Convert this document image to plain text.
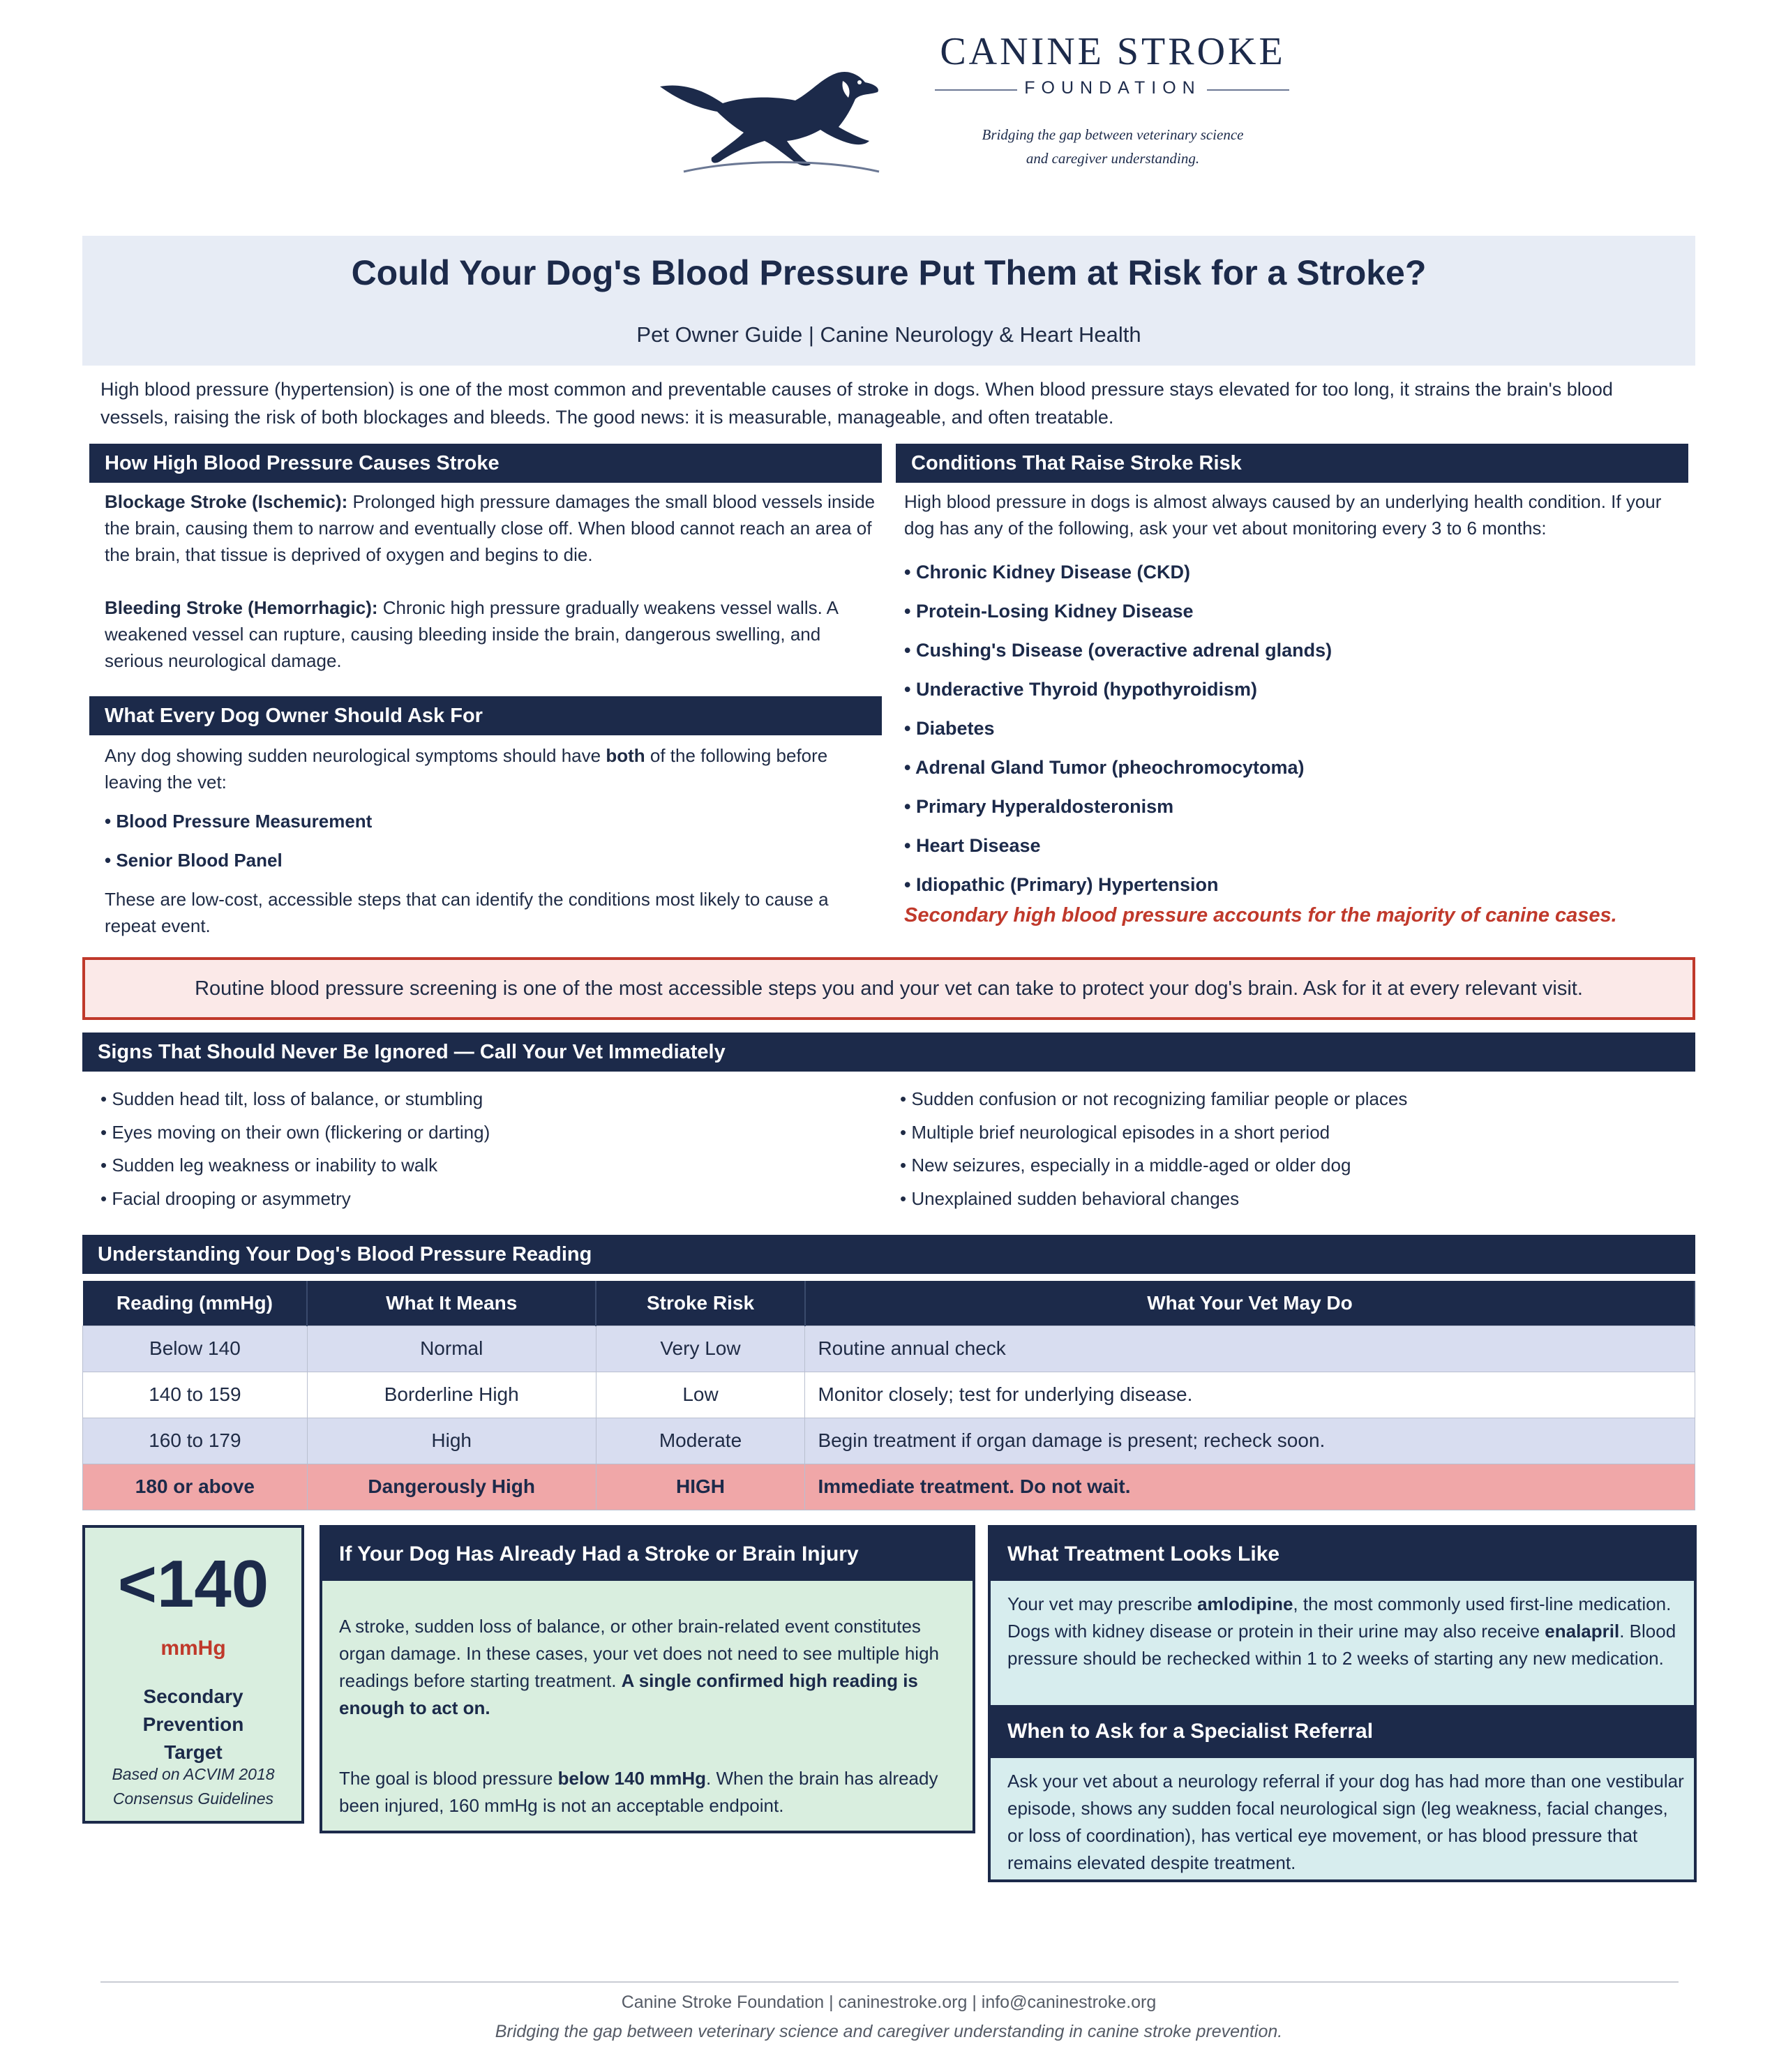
CANINE STROKE
FOUNDATION
Bridging the gap between veterinary science
and caregiver understanding.
Could Your Dog's Blood Pressure Put Them at Risk for a Stroke?
Pet Owner Guide | Canine Neurology & Heart Health
High blood pressure (hypertension) is one of the most common and preventable causes of stroke in dogs. When blood pressure stays elevated for too long, it strains the brain's blood vessels, raising the risk of both blockages and bleeds. The good news: it is measurable, manageable, and often treatable.
How High Blood Pressure Causes Stroke

Blockage Stroke (Ischemic): Prolonged high pressure damages the small blood vessels inside the brain, causing them to narrow and eventually close off. When blood cannot reach an area of the brain, that tissue is deprived of oxygen and begins to die.

Bleeding Stroke (Hemorrhagic): Chronic high pressure gradually weakens vessel walls. A weakened vessel can rupture, causing bleeding inside the brain, dangerous swelling, and serious neurological damage.

What Every Dog Owner Should Ask For

Any dog showing sudden neurological symptoms should have both of the following before leaving the vet:

• Blood Pressure Measurement

• Senior Blood Panel

These are low-cost, accessible steps that can identify the conditions most likely to cause a repeat event.

Conditions That Raise Stroke Risk
High blood pressure in dogs is almost always caused by an underlying health condition. If your dog has any of the following, ask your vet about monitoring every 3 to 6 months:
• Chronic Kidney Disease (CKD)
• Protein-Losing Kidney Disease
• Cushing's Disease (overactive adrenal glands)
• Underactive Thyroid (hypothyroidism)
• Diabetes
• Adrenal Gland Tumor (pheochromocytoma)
• Primary Hyperaldosteronism
• Heart Disease
• Idiopathic (Primary) Hypertension
Secondary high blood pressure accounts for the majority of canine cases.
Routine blood pressure screening is one of the most accessible steps you and your vet can take to protect your dog's brain. Ask for it at every relevant visit.
Signs That Should Never Be Ignored — Call Your Vet Immediately
• Sudden head tilt, loss of balance, or stumbling
• Eyes moving on their own (flickering or darting)
• Sudden leg weakness or inability to walk
• Facial drooping or asymmetry
• Sudden confusion or not recognizing familiar people or places
• Multiple brief neurological episodes in a short period
• New seizures, especially in a middle-aged or older dog
• Unexplained sudden behavioral changes
Understanding Your Dog's Blood Pressure Reading
Reading (mmHg)	What It Means	Stroke Risk	What Your Vet May Do
Below 140	Normal	Very Low	Routine annual check
140 to 159	Borderline High	Low	Monitor closely; test for underlying disease.
160 to 179	High	Moderate	Begin treatment if organ damage is present; recheck soon.
180 or above	Dangerously High	HIGH	Immediate treatment. Do not wait.
<140
mmHg
Secondary Prevention Target
Based on ACVIM 2018 Consensus Guidelines
If Your Dog Has Already Had a Stroke or Brain Injury

A stroke, sudden loss of balance, or other brain-related event constitutes organ damage. In these cases, your vet does not need to see multiple high readings before starting treatment. A single confirmed high reading is enough to act on.

The goal is blood pressure below 140 mmHg. When the brain has already been injured, 160 mmHg is not an acceptable endpoint.

What Treatment Looks Like

Your vet may prescribe amlodipine, the most commonly used first-line medication. Dogs with kidney disease or protein in their urine may also receive enalapril. Blood pressure should be rechecked within 1 to 2 weeks of starting any new medication.

When to Ask for a Specialist Referral

Ask your vet about a neurology referral if your dog has had more than one vestibular episode, shows any sudden focal neurological sign (leg weakness, facial changes, or loss of coordination), has vertical eye movement, or has blood pressure that remains elevated despite treatment.

Canine Stroke Foundation | caninestroke.org | info@caninestroke.org
Bridging the gap between veterinary science and caregiver understanding in canine stroke prevention.
